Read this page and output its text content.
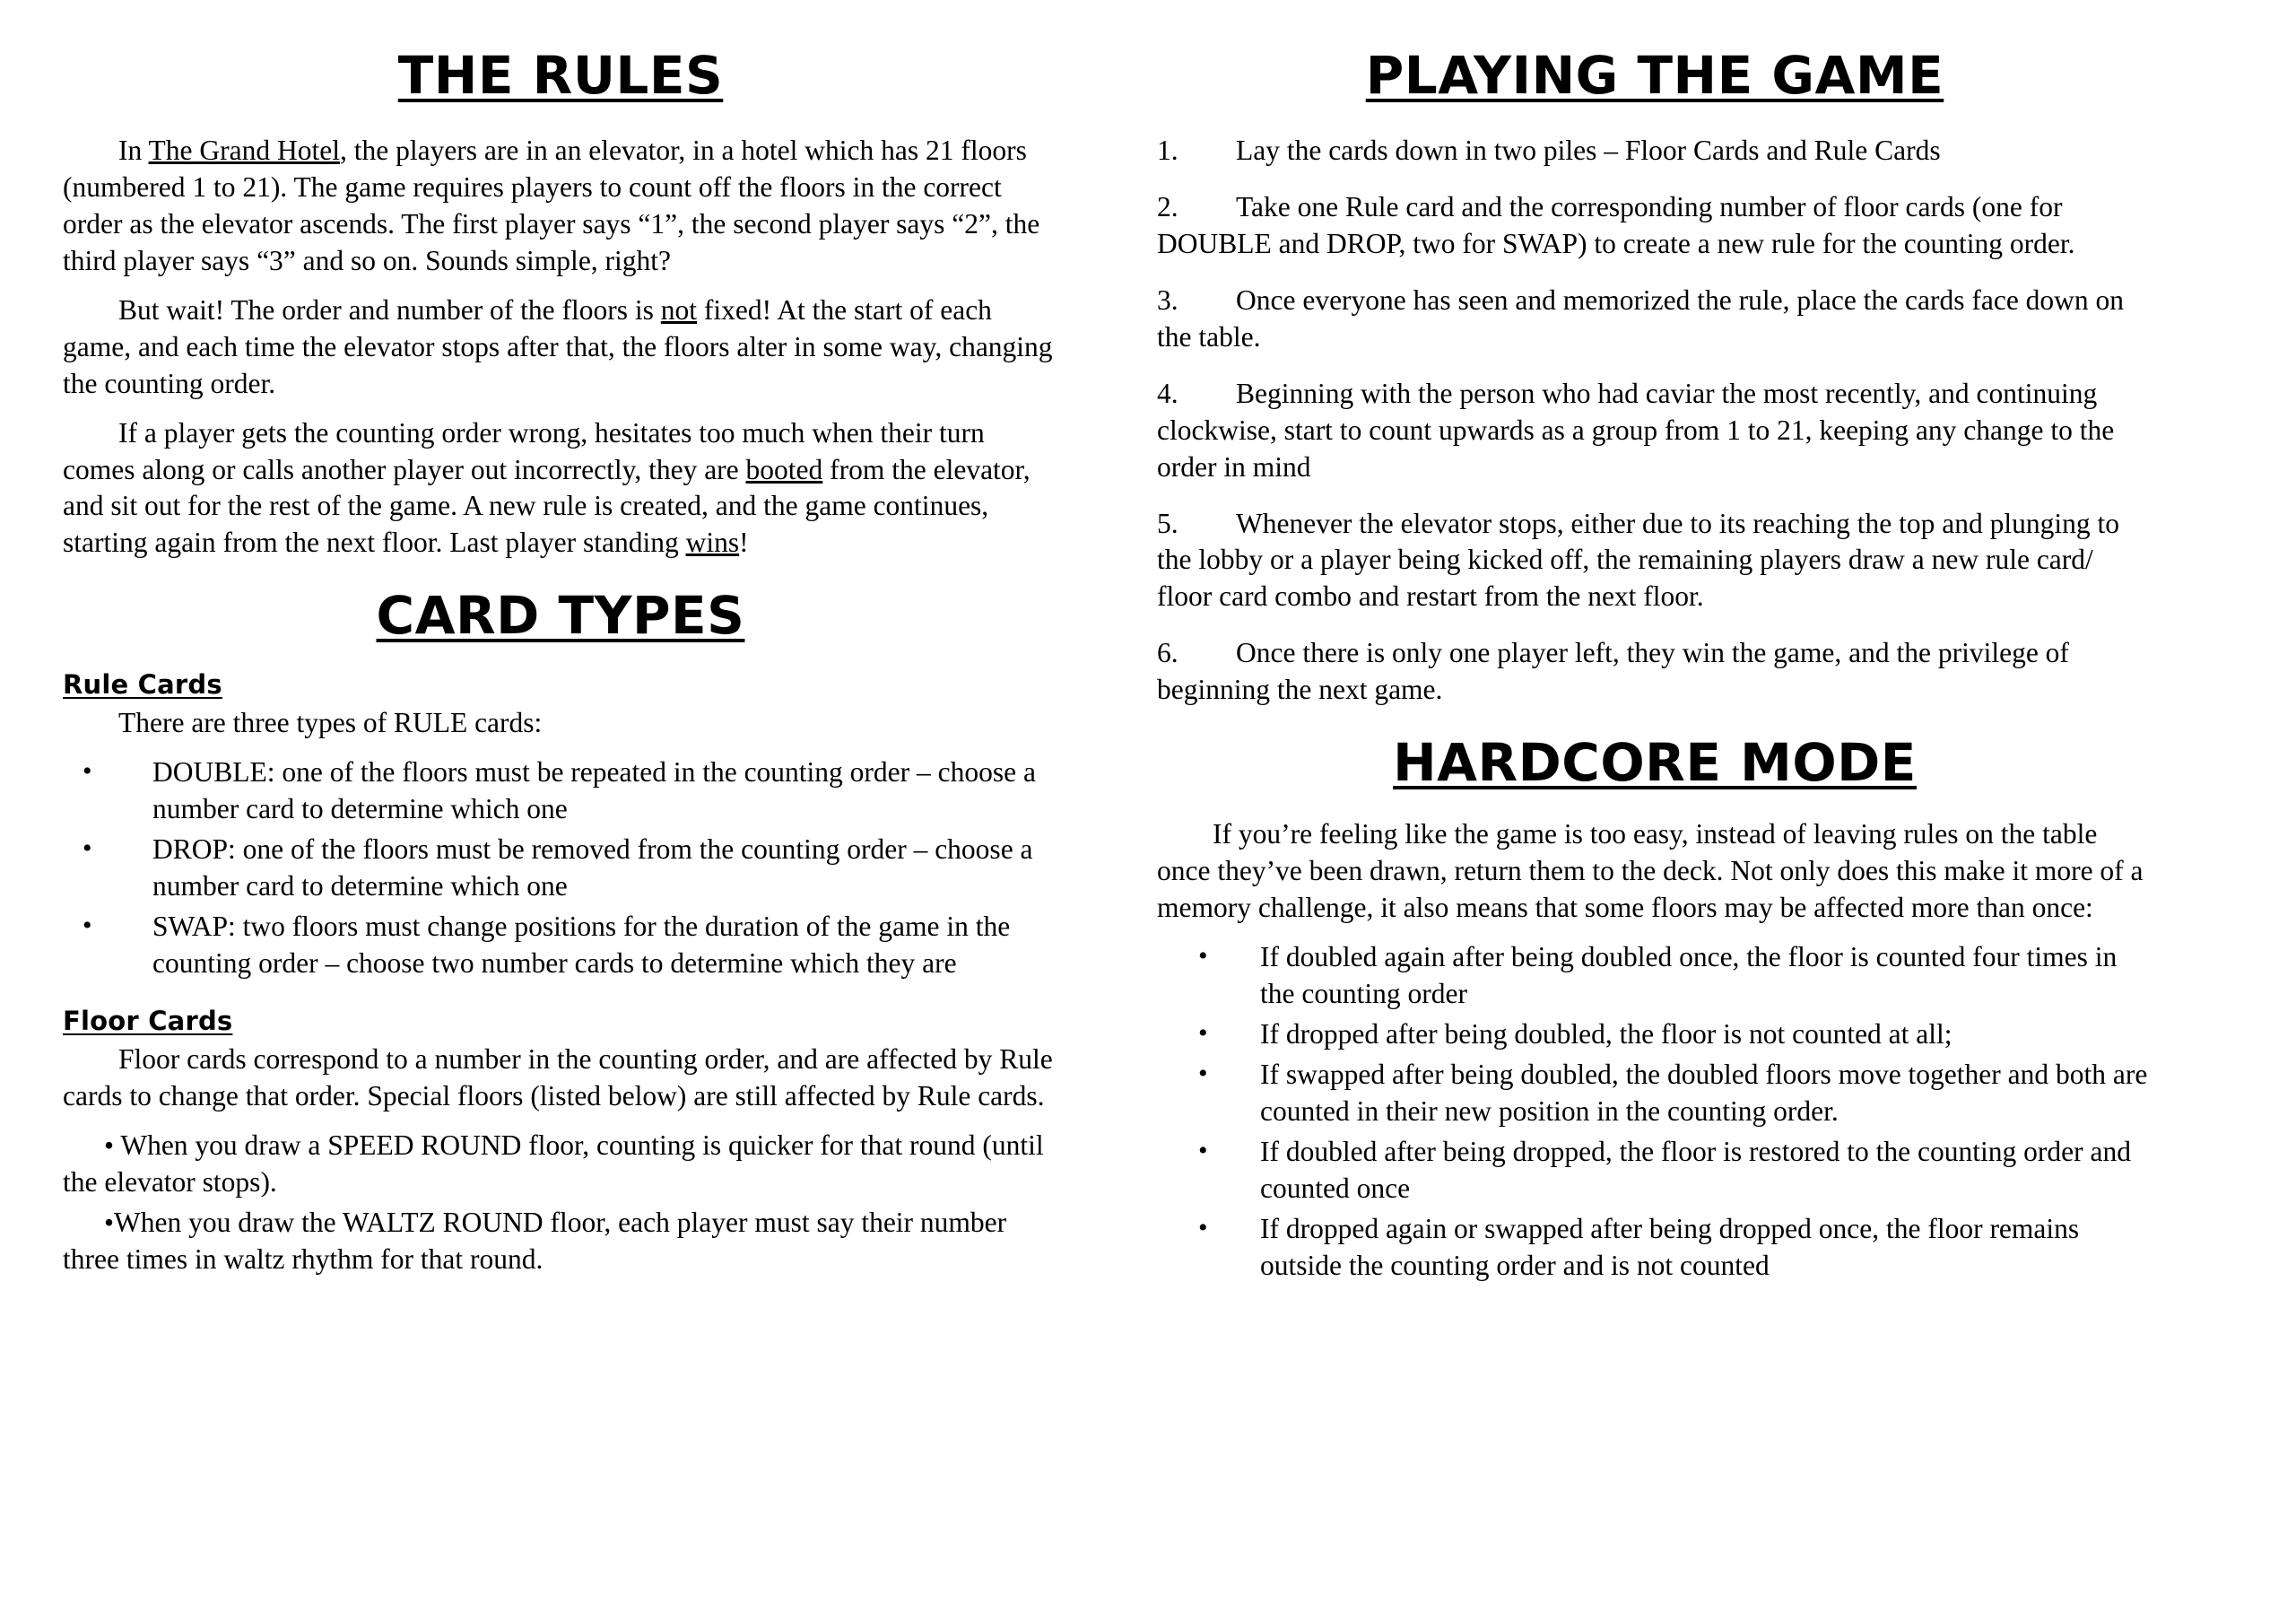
THE RULES

In The Grand Hotel, the players are in an elevator, in a hotel which has 21 floors (numbered 1 to 21). The game requires players to count off the floors in the correct order as the elevator ascends. The first player says “1”, the second player says “2”, the third player says “3” and so on. Sounds simple, right?

But wait! The order and number of the floors is not fixed! At the start of each game, and each time the elevator stops after that, the floors alter in some way, changing the counting order.

If a player gets the counting order wrong, hesitates too much when their turn comes along or calls another player out incorrectly, they are booted from the elevator, and sit out for the rest of the game. A new rule is created, and the game continues, starting again from the next floor. Last player standing wins!

CARD TYPES
Rule Cards

There are three types of RULE cards:

• DOUBLE: one of the floors must be repeated in the counting order – choose a number card to determine which one
• DROP: one of the floors must be removed from the counting order – choose a number card to determine which one
• SWAP: two floors must change positions for the duration of the game in the counting order – choose two number cards to determine which they are
Floor Cards

Floor cards correspond to a number in the counting order, and are affected by Rule cards to change that order. Special floors (listed below) are still affected by Rule cards.

• When you draw a SPEED ROUND floor, counting is quicker for that round (until the elevator stops).

•When you draw the WALTZ ROUND floor, each player must say their number three times in waltz rhythm for that round.

PLAYING THE GAME
1. Lay the cards down in two piles – Floor Cards and Rule Cards
2. Take one Rule card and the corresponding number of floor cards (one for DOUBLE and DROP, two for SWAP) to create a new rule for the counting order.
3. Once everyone has seen and memorized the rule, place the cards face down on the table.
4. Beginning with the person who had caviar the most recently, and continuing clockwise, start to count upwards as a group from 1 to 21, keeping any change to the order in mind
5. Whenever the elevator stops, either due to its reaching the top and plunging to the lobby or a player being kicked off, the remaining players draw a new rule card/ floor card combo and restart from the next floor.
6. Once there is only one player left, they win the game, and the privilege of beginning the next game.
HARDCORE MODE

If you’re feeling like the game is too easy, instead of leaving rules on the table once they’ve been drawn, return them to the deck. Not only does this make it more of a memory challenge, it also means that some floors may be affected more than once:

• If doubled again after being doubled once, the floor is counted four times in the counting order
• If dropped after being doubled, the floor is not counted at all;
• If swapped after being doubled, the doubled floors move together and both are counted in their new position in the counting order.
• If doubled after being dropped, the floor is restored to the counting order and counted once
• If dropped again or swapped after being dropped once, the floor remains outside the counting order and is not counted
